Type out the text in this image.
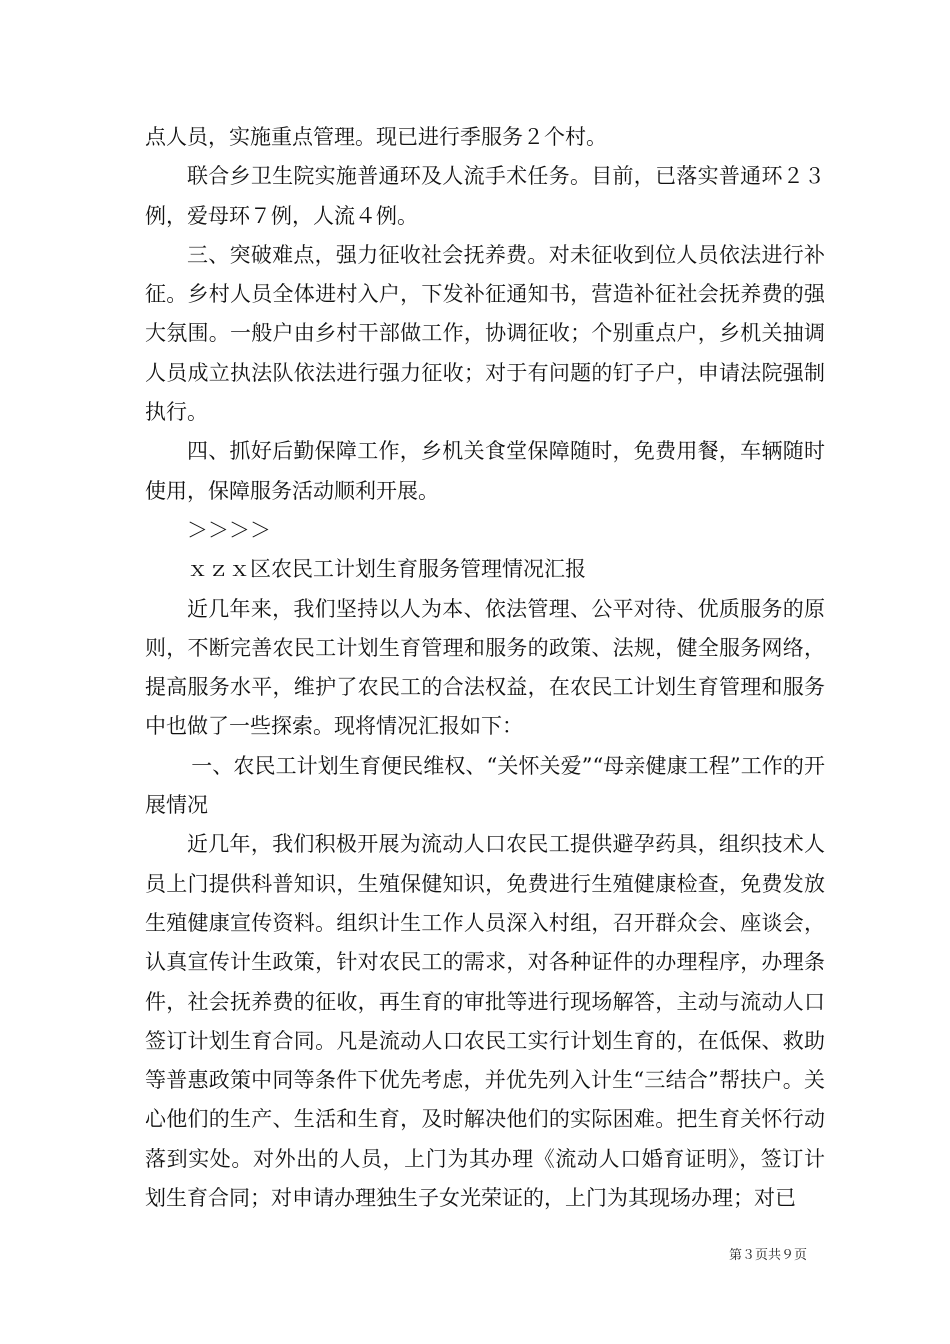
点人员，实施重点管理。现已进行季服务２个村。

联合乡卫生院实施普通环及人流手术任务。目前，已落实普通环２３例，爱母环７例，人流４例。

三、突破难点，强力征收社会抚养费。对未征收到位人员依法进行补征。乡村人员全体进村入户，下发补征通知书，营造补征社会抚养费的强大氛围。一般户由乡村干部做工作，协调征收；个别重点户，乡机关抽调人员成立执法队依法进行强力征收；对于有问题的钉子户，申请法院强制执行。

四、抓好后勤保障工作，乡机关食堂保障随时，免费用餐，车辆随时使用，保障服务活动顺利开展。

＞＞＞＞

ｘｚｘ区农民工计划生育服务管理情况汇报

近几年来，我们坚持以人为本、依法管理、公平对待、优质服务的原则，不断完善农民工计划生育管理和服务的政策、法规，健全服务网络，提高服务水平，维护了农民工的合法权益，在农民工计划生育管理和服务中也做了一些探索。现将情况汇报如下：

一、农民工计划生育便民维权、“关怀关爱”“母亲健康工程”工作的开展情况

近几年，我们积极开展为流动人口农民工提供避孕药具，组织技术人员上门提供科普知识，生殖保健知识，免费进行生殖健康检查，免费发放生殖健康宣传资料。组织计生工作人员深入村组，召开群众会、座谈会，认真宣传计生政策，针对农民工的需求，对各种证件的办理程序，办理条件，社会抚养费的征收，再生育的审批等进行现场解答，主动与流动人口签订计划生育合同。凡是流动人口农民工实行计划生育的，在低保、救助等普惠政策中同等条件下优先考虑，并优先列入计生“三结合”帮扶户。关心他们的生产、生活和生育，及时解决他们的实际困难。把生育关怀行动落到实处。对外出的人员，上门为其办理《流动人口婚育证明》，签订计划生育合同；对申请办理独生子女光荣证的，上门为其现场办理；对已

第３页共９页
